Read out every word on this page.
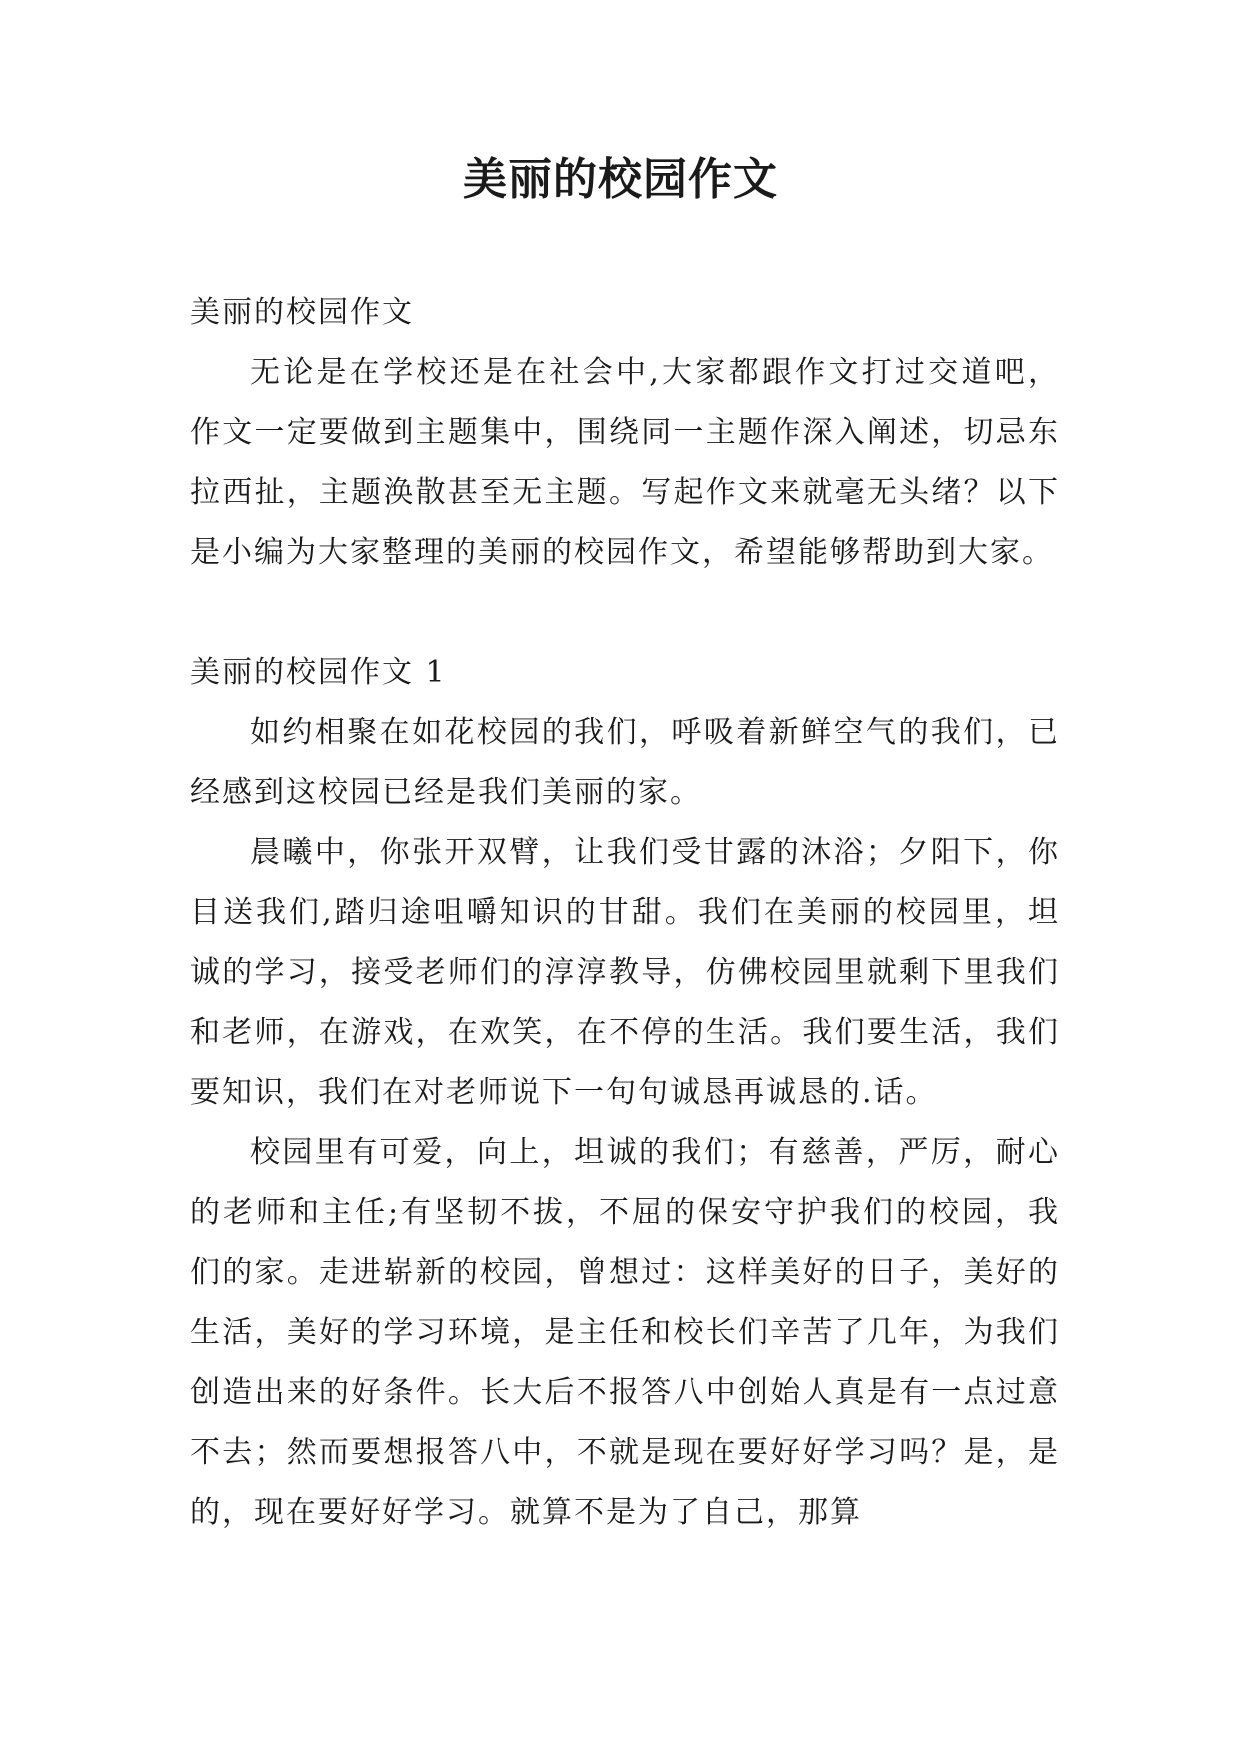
美丽的校园作文
美丽的校园作文

无论是在学校还是在社会中,大家都跟作文打过交道吧，作文一定要做到主题集中，围绕同一主题作深入阐述，切忌东拉西扯，主题涣散甚至无主题。写起作文来就毫无头绪？以下是小编为大家整理的美丽的校园作文，希望能够帮助到大家。

美丽的校园作文 1

如约相聚在如花校园的我们，呼吸着新鲜空气的我们，已经感到这校园已经是我们美丽的家。

晨曦中，你张开双臂，让我们受甘露的沐浴；夕阳下，你目送我们,踏归途咀嚼知识的甘甜。我们在美丽的校园里，坦诚的学习，接受老师们的淳淳教导，仿佛校园里就剩下里我们和老师，在游戏，在欢笑，在不停的生活。我们要生活，我们要知识，我们在对老师说下一句句诚恳再诚恳的.话。

校园里有可爱，向上，坦诚的我们；有慈善，严厉，耐心的老师和主任;有坚韧不拔，不屈的保安守护我们的校园，我们的家。走进崭新的校园，曾想过：这样美好的日子，美好的生活，美好的学习环境，是主任和校长们辛苦了几年，为我们创造出来的好条件。长大后不报答八中创始人真是有一点过意不去；然而要想报答八中，不就是现在要好好学习吗？是，是的，现在要好好学习。就算不是为了自己，那算
